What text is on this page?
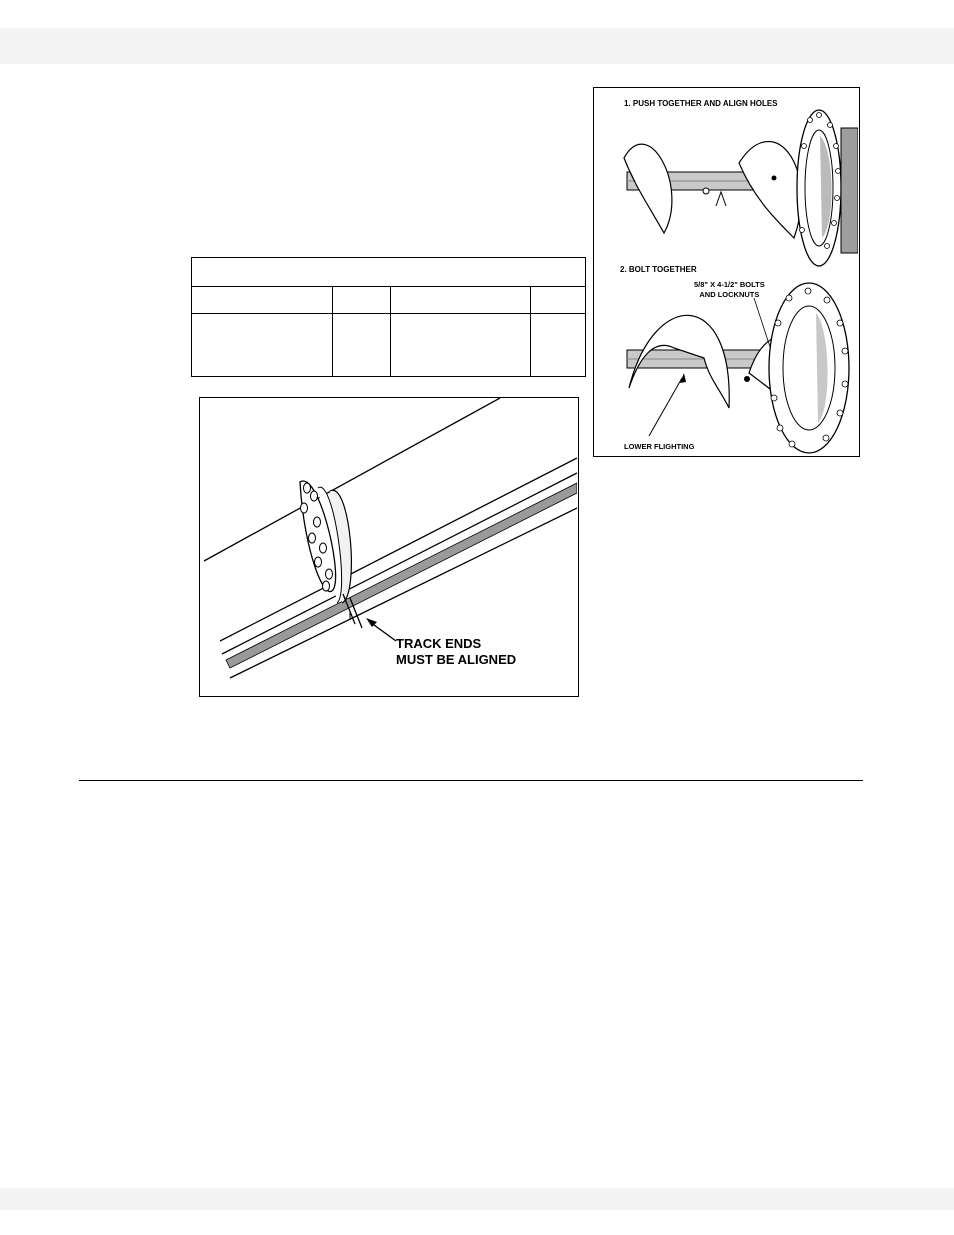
TRACK ENDS
MUST BE ALIGNED
1. PUSH TOGETHER AND ALIGN HOLES
2. BOLT TOGETHER
5/8" X 4-1/2" BOLTS
AND LOCKNUTS
LOWER FLIGHTING
